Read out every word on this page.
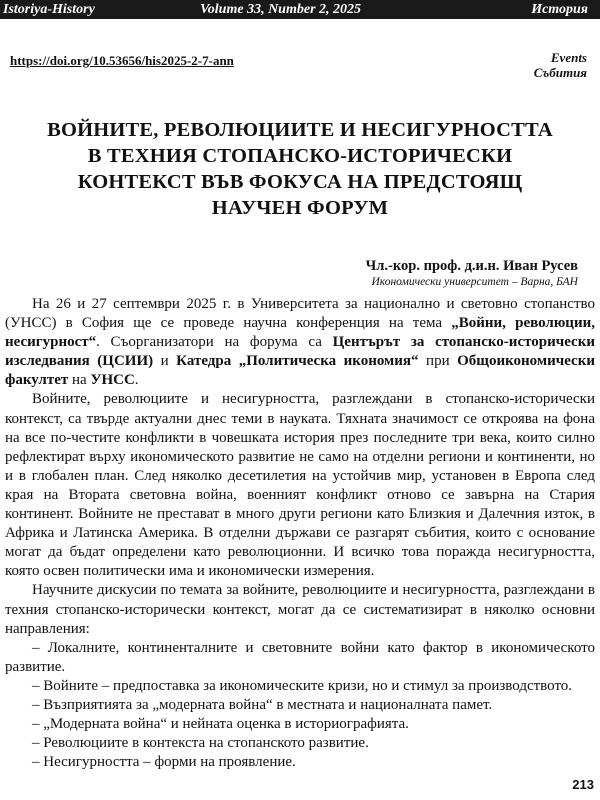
Istoriya-History	Volume 33, Number 2, 2025	История
https://doi.org/10.53656/his2025-2-7-ann	Events
Събития
ВОЙНИТЕ, РЕВОЛЮЦИИТЕ И НЕСИГУРНОСТТА
В ТЕХНИЯ СТОПАНСКО-ИСТОРИЧЕСКИ
КОНТЕКСТ ВЪВ ФОКУСА НА ПРЕДСТОЯЩ
НАУЧЕН ФОРУМ
Чл.-кор. проф. д.и.н. Иван Русев
Икономически университет – Варна, БАН

На 26 и 27 септември 2025 г. в Университета за национално и световно стопанство (УНСС) в София ще се проведе научна конференция на тема „Войни, революции, несигурност“. Съорганизатори на форума са Центърът за стопанско-исторически изследвания (ЦСИИ) и Катедра „Политическа икономия“ при Общоикономически факултет на УНСС.

Войните, революциите и несигурността, разглеждани в стопанско-исторически контекст, са твърде актуални днес теми в науката. Тяхната значимост се откроява на фона на все по-честите конфликти в човешката история през последните три века, които силно рефлектират върху икономическото развитие не само на отделни региони и континенти, но и в глобален план. След няколко десетилетия на устойчив мир, установен в Европа след края на Втората световна война, военният конфликт отново се завърна на Стария континент. Войните не престават в много други региони като Близкия и Далечния изток, в Африка и Латинска Америка. В отделни държави се разгарят събития, които с основание могат да бъдат определени като революционни. И всичко това поражда несигурността, която освен политически има и икономически измерения.

Научните дискусии по темата за войните, революциите и несигурността, разглеждани в техния стопанско-исторически контекст, могат да се систематизират в няколко основни направления:

– Локалните, континенталните и световните войни като фактор в икономическото развитие.

– Войните – предпоставка за икономическите кризи, но и стимул за производството.

– Възприятията за „модерната война“ в местната и националната памет.

– „Модерната война“ и нейната оценка в историографията.

– Революциите в контекста на стопанското развитие.

– Несигурността – форми на проявление.

213
